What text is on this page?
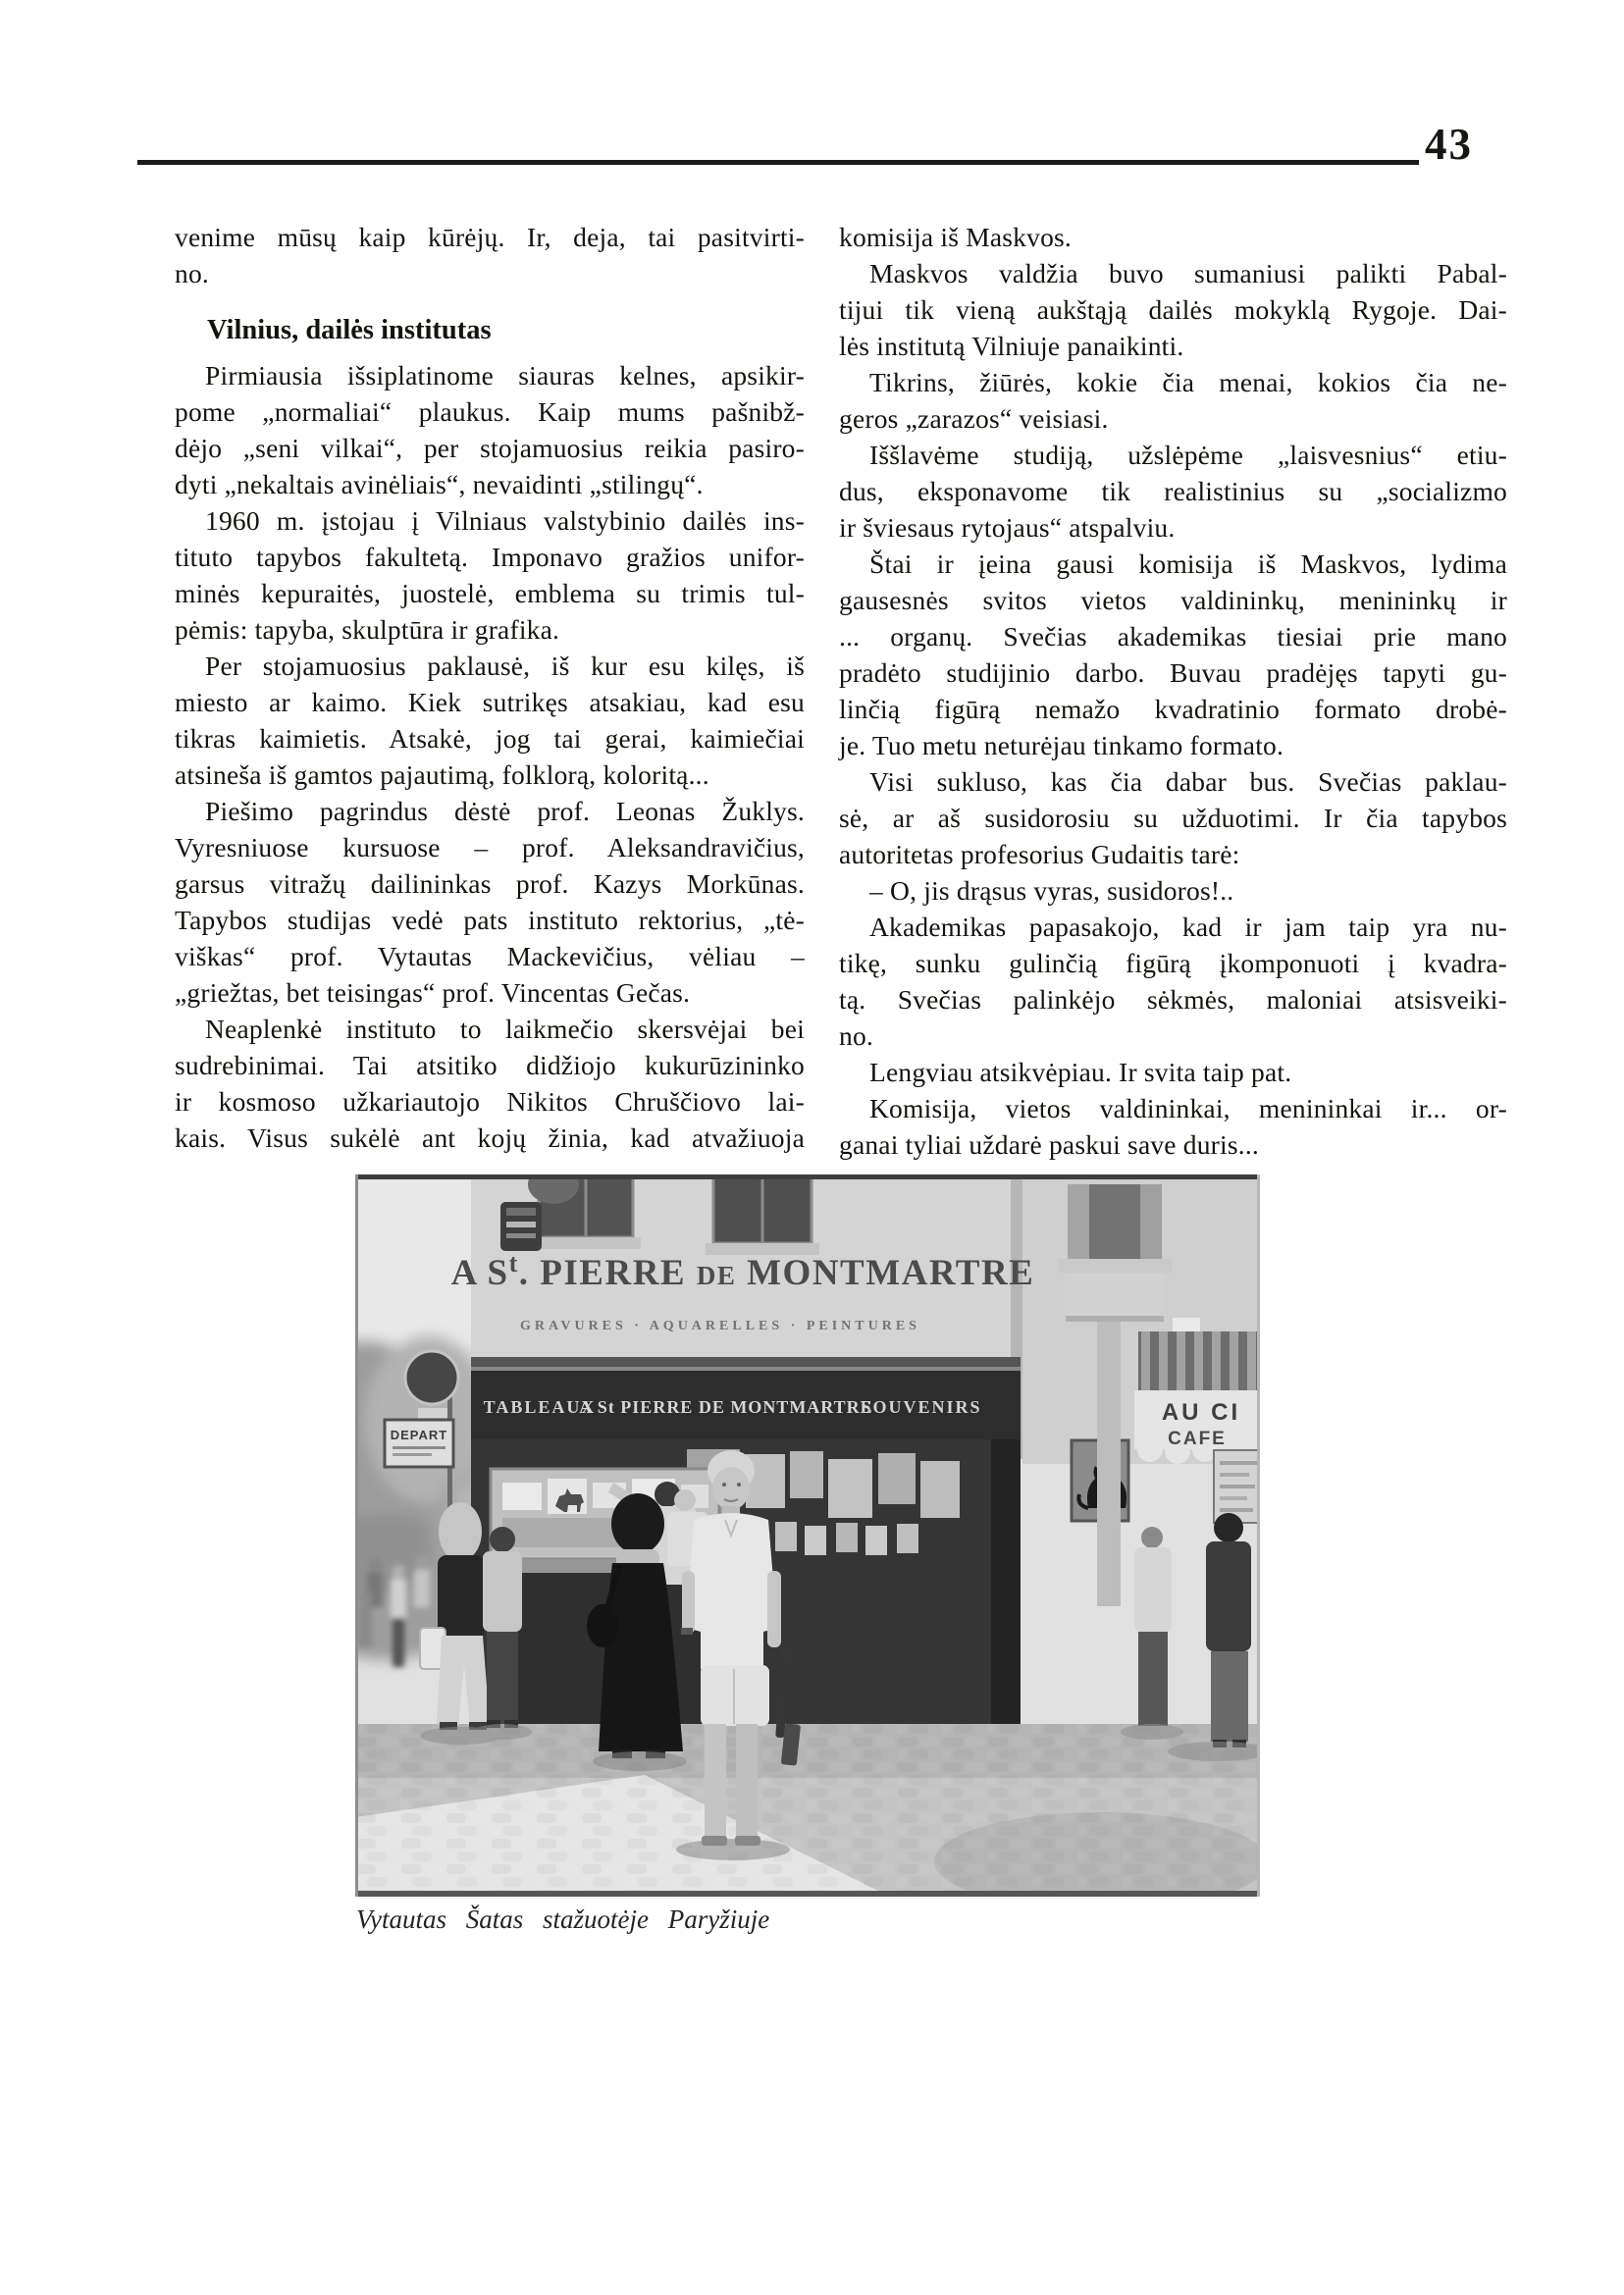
43
venime mūsų kaip kūrėjų. Ir, deja, tai pasitvirti-
no.
Vilnius, dailės institutas
Pirmiausia išsiplatinome siauras kelnes, apsikir-
pome „normaliai“ plaukus. Kaip mums pašnibž-
dėjo „seni vilkai“, per stojamuosius reikia pasiro-
dyti „nekaltais avinėliais“, nevaidinti „stilingų“.
1960 m. įstojau į Vilniaus valstybinio dailės ins-
tituto tapybos fakultetą. Imponavo gražios unifor-
minės kepuraitės, juostelė, emblema su trimis tul-
pėmis: tapyba, skulptūra ir grafika.
Per stojamuosius paklausė, iš kur esu kilęs, iš
miesto ar kaimo. Kiek sutrikęs atsakiau, kad esu
tikras kaimietis. Atsakė, jog tai gerai, kaimiečiai
atsineša iš gamtos pajautimą, folklorą, koloritą...
Piešimo pagrindus dėstė prof. Leonas Žuklys.
Vyresniuose kursuose – prof. Aleksandravičius,
garsus vitražų dailininkas prof. Kazys Morkūnas.
Tapybos studijas vedė pats instituto rektorius, „tė-
viškas“ prof. Vytautas Mackevičius, vėliau –
„griežtas, bet teisingas“ prof. Vincentas Gečas.
Neaplenkė instituto to laikmečio skersvėjai bei
sudrebinimai. Tai atsitiko didžiojo kukurūzininko
ir kosmoso užkariautojo Nikitos Chruščiovo lai-
kais. Visus sukėlė ant kojų žinia, kad atvažiuoja
komisija iš Maskvos.
Maskvos valdžia buvo sumaniusi palikti Pabal-
tijui tik vieną aukštąją dailės mokyklą Rygoje. Dai-
lės institutą Vilniuje panaikinti.
Tikrins, žiūrės, kokie čia menai, kokios čia ne-
geros „zarazos“ veisiasi.
Iššlavėme studiją, užslėpėme „laisvesnius“ etiu-
dus, eksponavome tik realistinius su „socializmo
ir šviesaus rytojaus“ atspalviu.
Štai ir įeina gausi komisija iš Maskvos, lydima
gausesnės svitos vietos valdininkų, menininkų ir
... organų. Svečias akademikas tiesiai prie mano
pradėto studijinio darbo. Buvau pradėjęs tapyti gu-
linčią figūrą nemažo kvadratinio formato drobė-
je. Tuo metu neturėjau tinkamo formato.
Visi sukluso, kas čia dabar bus. Svečias paklau-
sė, ar aš susidorosiu su užduotimi. Ir čia tapybos
autoritetas profesorius Gudaitis tarė:
– O, jis drąsus vyras, susidoros!..
Akademikas papasakojo, kad ir jam taip yra nu-
tikę, sunku gulinčią figūrą įkomponuoti į kvadra-
tą. Svečias palinkėjo sėkmės, maloniai atsisveiki-
no.
Lengviau atsikvėpiau. Ir svita taip pat.
Komisija, vietos valdininkai, menininkai ir... or-
ganai tyliai uždarė paskui save duris...
A $S^t$. PIERRE DE MONTMARTRE
GRAVURES · AQUARELLES · PEINTURES
TABLEAUX
A St PIERRE DE MONTMARTRE
SOUVENIRS	AU CI
CAFE
DEPART
Vytautas Šatas stažuotėje Paryžiuje
